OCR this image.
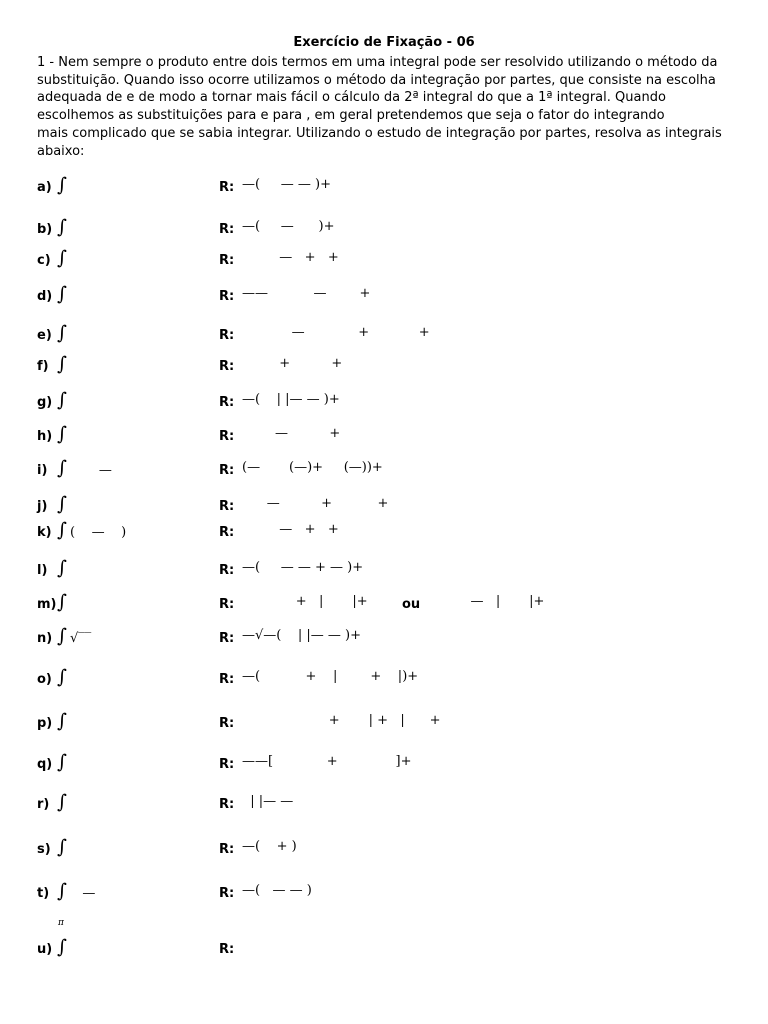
Exercício de Fixação - 06
1 - Nem sempre o produto entre dois termos em uma integral pode ser resolvido utilizando o método da
substituição. Quando isso ocorre utilizamos o método da integração por partes, que consiste na escolha
adequada de e de modo a tornar mais fácil o cálculo da 2ª integral do que a 1ª integral. Quando
escolhemos as substituições para e para , em geral pretendemos que seja o fator do integrando
mais complicado que se sabia integrar. Utilizando o estudo de integração por partes, resolva as integrais
abaixo:
a) ∫	R: —(     — — )+
b) ∫	R: —(     —      )+
c) ∫	R: —   +   +
d) ∫	R: ——           —        +
e) ∫	R: —             +            +
f) ∫	R: +          +
g) ∫	R: —(    | |— — )+
h) ∫	R: —          +
i) ∫ —	R: (—       (—)+     (—))+
j) ∫	R: —          +           +
k) ∫ (    —    )	R: —   +   +
l) ∫	R: —(     — — + — )+
m) ∫	R: +   |       |+	ou —   |       |+
n) ∫ √‾‾	R: —√—(    | |— — )+
o) ∫	R: —(           +    |        +    |)+
p) ∫	R: +       | +   |      +
q) ∫	R: ——[             +              ]+
r) ∫	R: | |— —
s) ∫	R: —(    + )
t) ∫ —	R: —(   — — )
u) ∫	R:
π
